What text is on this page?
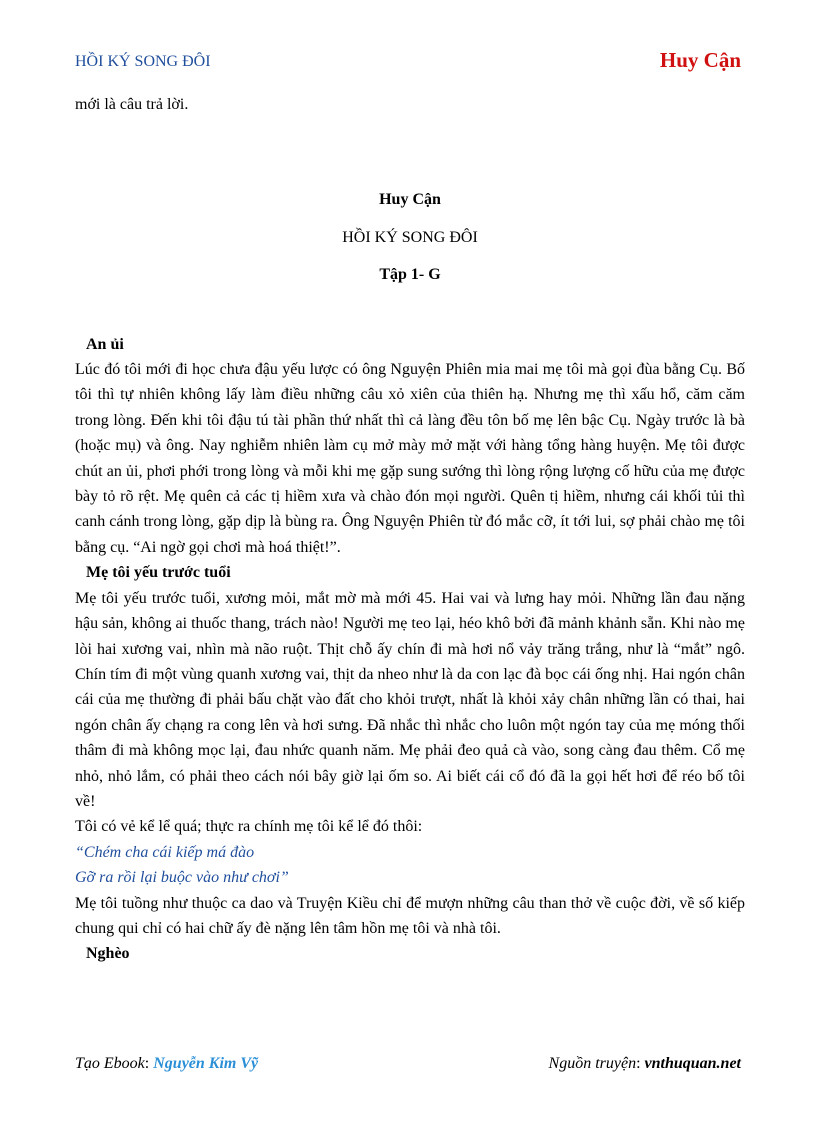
HỒI KÝ SONG ĐÔI	Huy Cận

mới là câu trả lời.

Huy Cận

HỒI KÝ SONG ĐÔI

Tập 1- G

An ủi

Lúc đó tôi mới đi học chưa đậu yếu lược có ông Nguyện Phiên mia mai mẹ tôi mà gọi đùa bằng Cụ. Bố tôi thì tự nhiên không lấy làm điều những câu xỏ xiên của thiên hạ. Nhưng mẹ thì xấu hổ, căm căm trong lòng. Đến khi tôi đậu tú tài phần thứ nhất thì cả làng đều tôn bố mẹ lên bậc Cụ. Ngày trước là bà (hoặc mụ) và ông. Nay nghiễm nhiên làm cụ mở mày mở mặt với hàng tổng hàng huyện. Mẹ tôi được chút an ủi, phơi phới trong lòng và mỗi khi mẹ gặp sung sướng thì lòng rộng lượng cố hữu của mẹ được bày tỏ rõ rệt. Mẹ quên cả các tị hiềm xưa và chào đón mọi người. Quên tị hiềm, nhưng cái khối tủi thì canh cánh trong lòng, gặp dịp là bùng ra. Ông Nguyện Phiên từ đó mắc cỡ, ít tới lui, sợ phải chào mẹ tôi bằng cụ. “Ai ngờ gọi chơi mà hoá thiệt!”.

Mẹ tôi yếu trước tuổi

Mẹ tôi yếu trước tuổi, xương mỏi, mắt mờ mà mới 45. Hai vai và lưng hay mỏi. Những lần đau nặng hậu sản, không ai thuốc thang, trách nào! Người mẹ teo lại, héo khô bởi đã mảnh khảnh sẵn. Khi nào mẹ lòi hai xương vai, nhìn mà não ruột. Thịt chỗ ấy chín đi mà hơi nổ vảy trăng trắng, như là “mắt” ngô. Chín tím đi một vùng quanh xương vai, thịt da nheo như là da con lạc đà bọc cái ống nhị. Hai ngón chân cái của mẹ thường đi phải bấu chặt vào đất cho khỏi trượt, nhất là khỏi xảy chân những lần có thai, hai ngón chân ấy chạng ra cong lên và hơi sưng. Đã nhắc thì nhắc cho luôn một ngón tay của mẹ móng thối thâm đi mà không mọc lại, đau nhức quanh năm. Mẹ phải đeo quả cà vào, song càng đau thêm. Cổ mẹ nhỏ, nhỏ lắm, có phải theo cách nói bây giờ lại ốm so. Ai biết cái cổ đó đã la gọi hết hơi để réo bố tôi về!

Tôi có vẻ kể lể quá; thực ra chính mẹ tôi kể lể đó thôi:

“Chém cha cái kiếp má đào

Gỡ ra rồi lại buộc vào như chơi”

Mẹ tôi tuồng như thuộc ca dao và Truyện Kiều chỉ để mượn những câu than thở về cuộc đời, về số kiếp chung qui chỉ có hai chữ ấy đè nặng lên tâm hồn mẹ tôi và nhà tôi.

Nghèo

Tạo Ebook: Nguyễn Kim Vỹ	Nguồn truyện: vnthuquan.net
